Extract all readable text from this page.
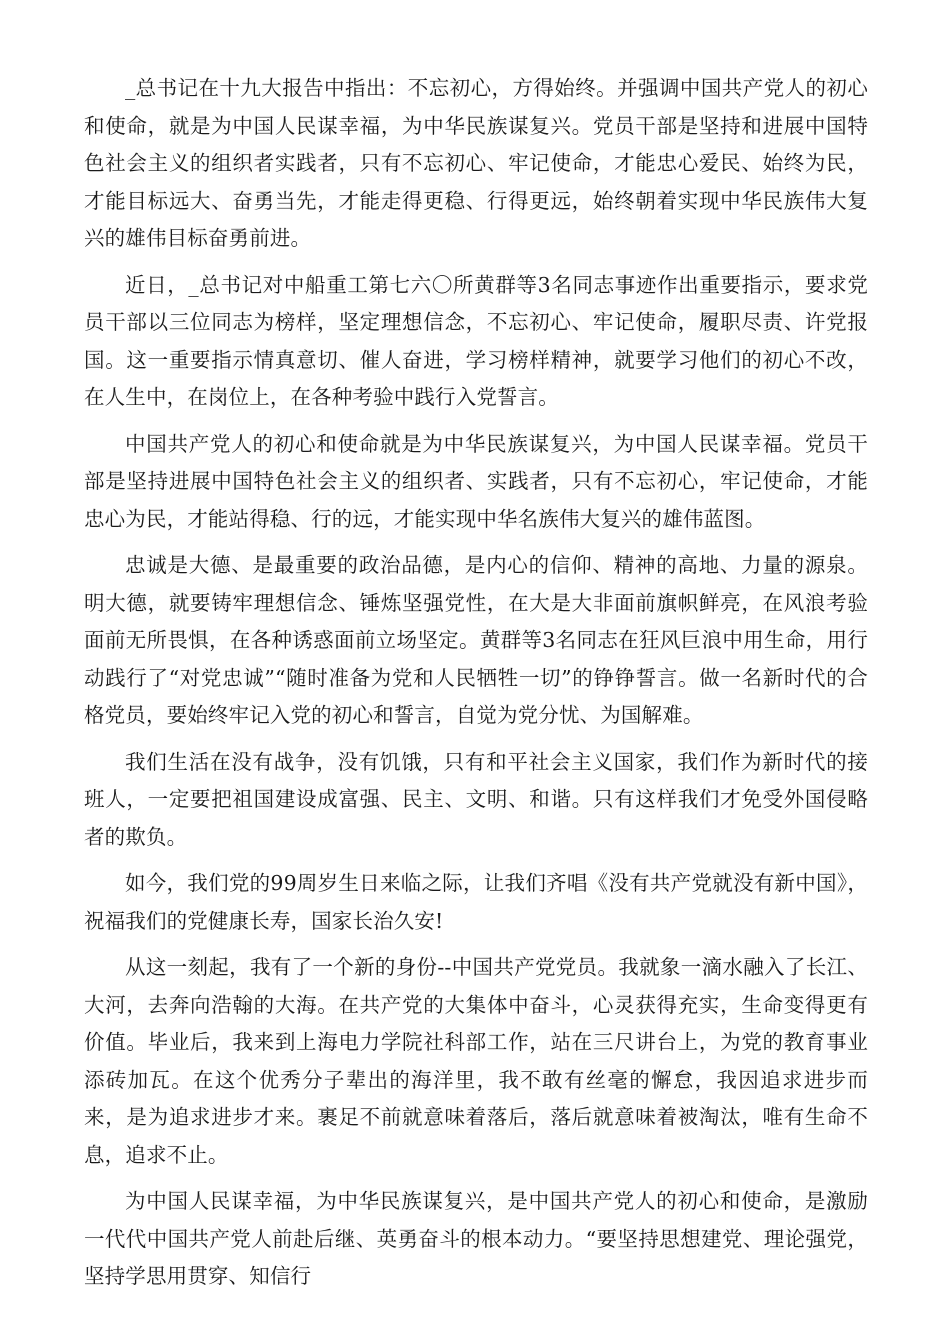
_总书记在十九大报告中指出：不忘初心，方得始终。并强调中国共产党人的初心和使命，就是为中国人民谋幸福，为中华民族谋复兴。党员干部是坚持和进展中国特色社会主义的组织者实践者，只有不忘初心、牢记使命，才能忠心爱民、始终为民，才能目标远大、奋勇当先，才能走得更稳、行得更远，始终朝着实现中华民族伟大复兴的雄伟目标奋勇前进。

近日，_总书记对中船重工第七六〇所黄群等3名同志事迹作出重要指示，要求党员干部以三位同志为榜样，坚定理想信念，不忘初心、牢记使命，履职尽责、许党报国。这一重要指示情真意切、催人奋进，学习榜样精神，就要学习他们的初心不改，在人生中，在岗位上，在各种考验中践行入党誓言。

中国共产党人的初心和使命就是为中华民族谋复兴，为中国人民谋幸福。党员干部是坚持进展中国特色社会主义的组织者、实践者，只有不忘初心，牢记使命，才能忠心为民，才能站得稳、行的远，才能实现中华名族伟大复兴的雄伟蓝图。

忠诚是大德、是最重要的政治品德，是内心的信仰、精神的高地、力量的源泉。明大德，就要铸牢理想信念、锤炼坚强党性，在大是大非面前旗帜鲜亮，在风浪考验面前无所畏惧，在各种诱惑面前立场坚定。黄群等3名同志在狂风巨浪中用生命，用行动践行了“对党忠诚”“随时准备为党和人民牺牲一切”的铮铮誓言。做一名新时代的合格党员，要始终牢记入党的初心和誓言，自觉为党分忧、为国解难。

我们生活在没有战争，没有饥饿，只有和平社会主义国家，我们作为新时代的接班人，一定要把祖国建设成富强、民主、文明、和谐。只有这样我们才免受外国侵略者的欺负。

如今，我们党的99周岁生日来临之际，让我们齐唱《没有共产党就没有新中国》，祝福我们的党健康长寿，国家长治久安!

从这一刻起，我有了一个新的身份--中国共产党党员。我就象一滴水融入了长江、大河，去奔向浩翰的大海。在共产党的大集体中奋斗，心灵获得充实，生命变得更有价值。毕业后，我来到上海电力学院社科部工作，站在三尺讲台上，为党的教育事业添砖加瓦。在这个优秀分子辈出的海洋里，我不敢有丝毫的懈怠，我因追求进步而来，是为追求进步才来。裹足不前就意味着落后，落后就意味着被淘汰，唯有生命不息，追求不止。

为中国人民谋幸福，为中华民族谋复兴，是中国共产党人的初心和使命，是激励一代代中国共产党人前赴后继、英勇奋斗的根本动力。“要坚持思想建党、理论强党，坚持学思用贯穿、知信行
